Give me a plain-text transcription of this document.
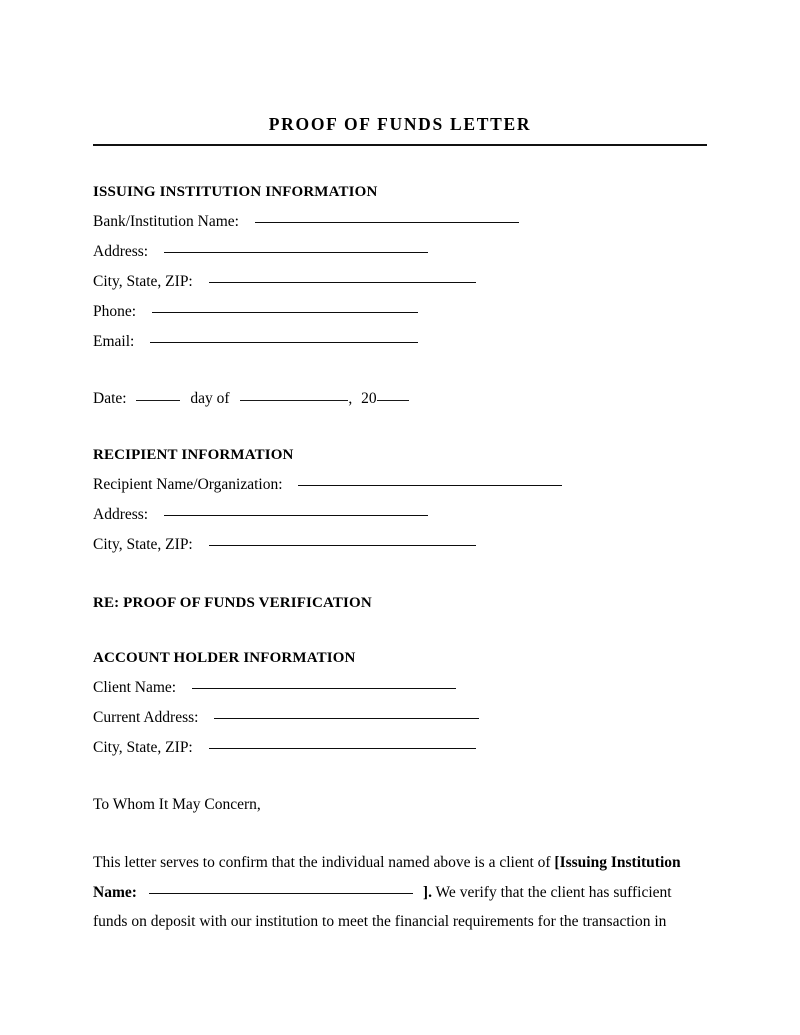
PROOF OF FUNDS LETTER
ISSUING INSTITUTION INFORMATION
Bank/Institution Name:
Address:
City, State, ZIP:
Phone:
Email:
Date:	day of	, 20
RECIPIENT INFORMATION
Recipient Name/Organization:
Address:
City, State, ZIP:
RE: PROOF OF FUNDS VERIFICATION
ACCOUNT HOLDER INFORMATION
Client Name:
Current Address:
City, State, ZIP:
To Whom It May Concern,
This letter serves to confirm that the individual named above is a client of [Issuing Institution Name:	]. We verify that the client has sufficient funds on deposit with our institution to meet the financial requirements for the transaction in
